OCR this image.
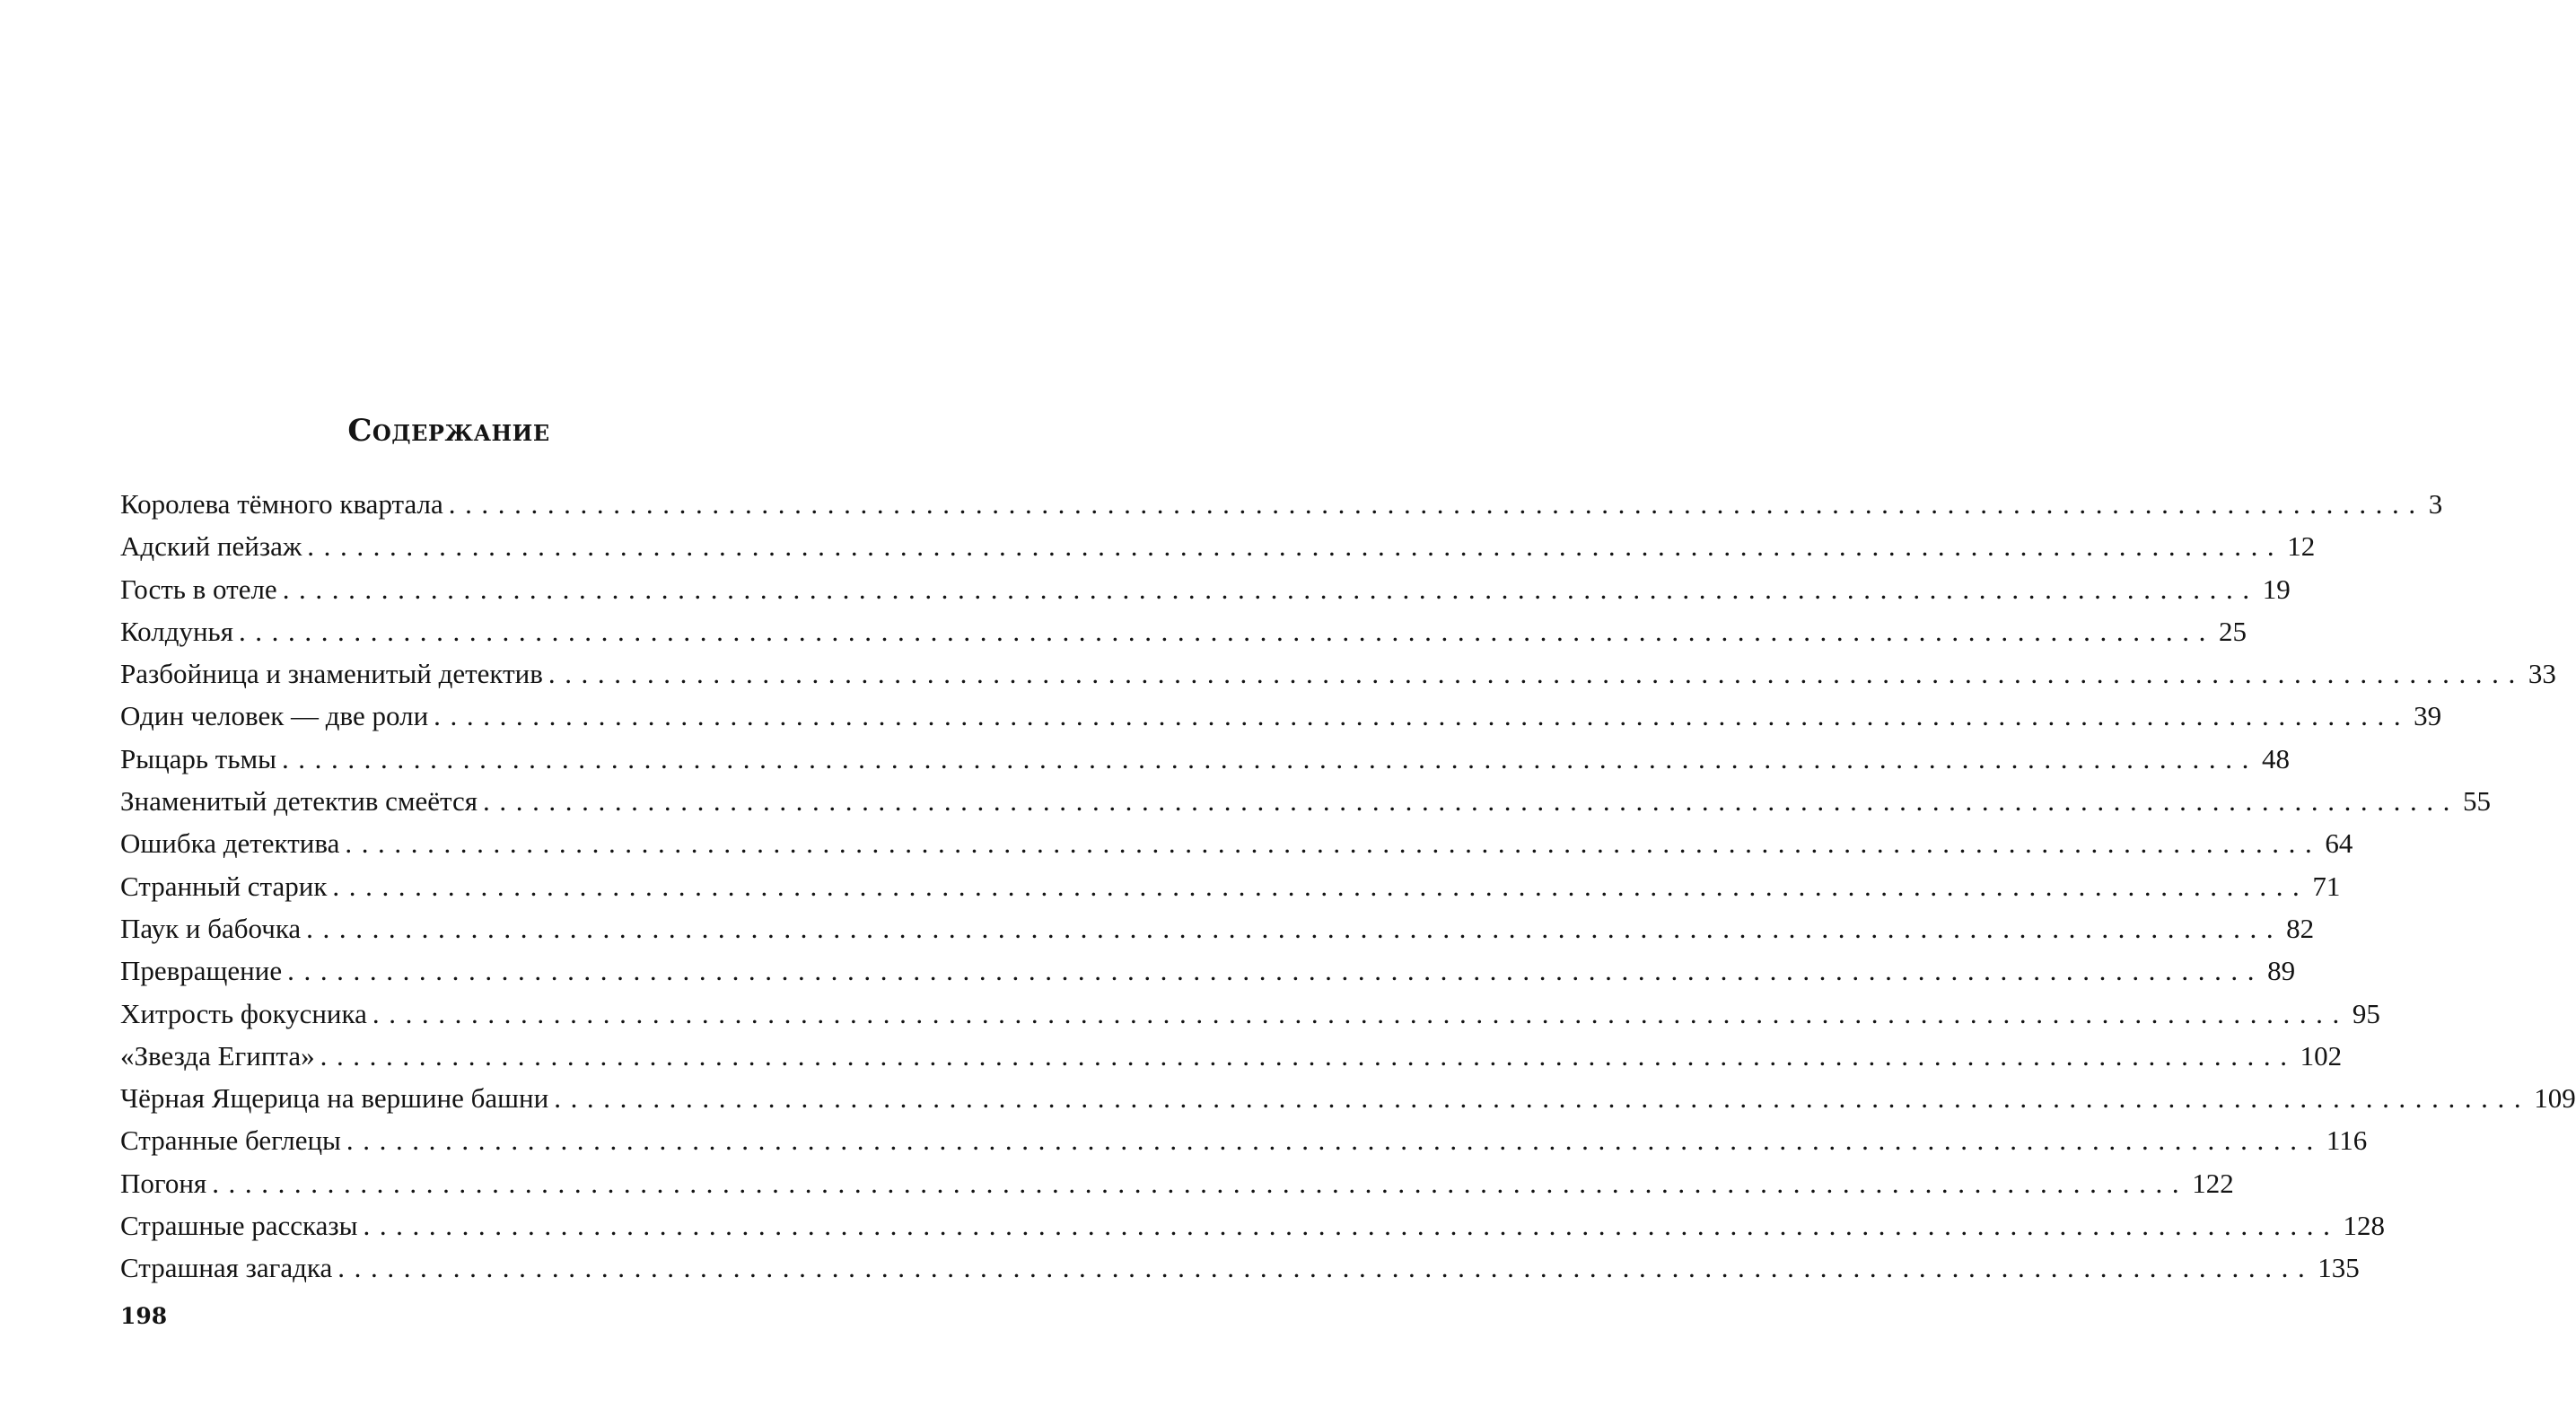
Содержание
Королева тёмного квартала ........................................................................................................................ 3
Адский пейзаж ........................................................................................................................ 12
Гость в отеле ........................................................................................................................ 19
Колдунья ........................................................................................................................ 25
Разбойница и знаменитый детектив ........................................................................................................................ 33
Один человек — две роли ........................................................................................................................ 39
Рыцарь тьмы ........................................................................................................................ 48
Знаменитый детектив смеётся ........................................................................................................................ 55
Ошибка детектива ........................................................................................................................ 64
Странный старик ........................................................................................................................ 71
Паук и бабочка ........................................................................................................................ 82
Превращение ........................................................................................................................ 89
Хитрость фокусника ........................................................................................................................ 95
«Звезда Египта» ........................................................................................................................ 102
Чёрная Ящерица на вершине башни ........................................................................................................................ 109
Странные беглецы ........................................................................................................................ 116
Погоня ........................................................................................................................ 122
Страшные рассказы ........................................................................................................................ 128
Страшная загадка ........................................................................................................................ 135
198
